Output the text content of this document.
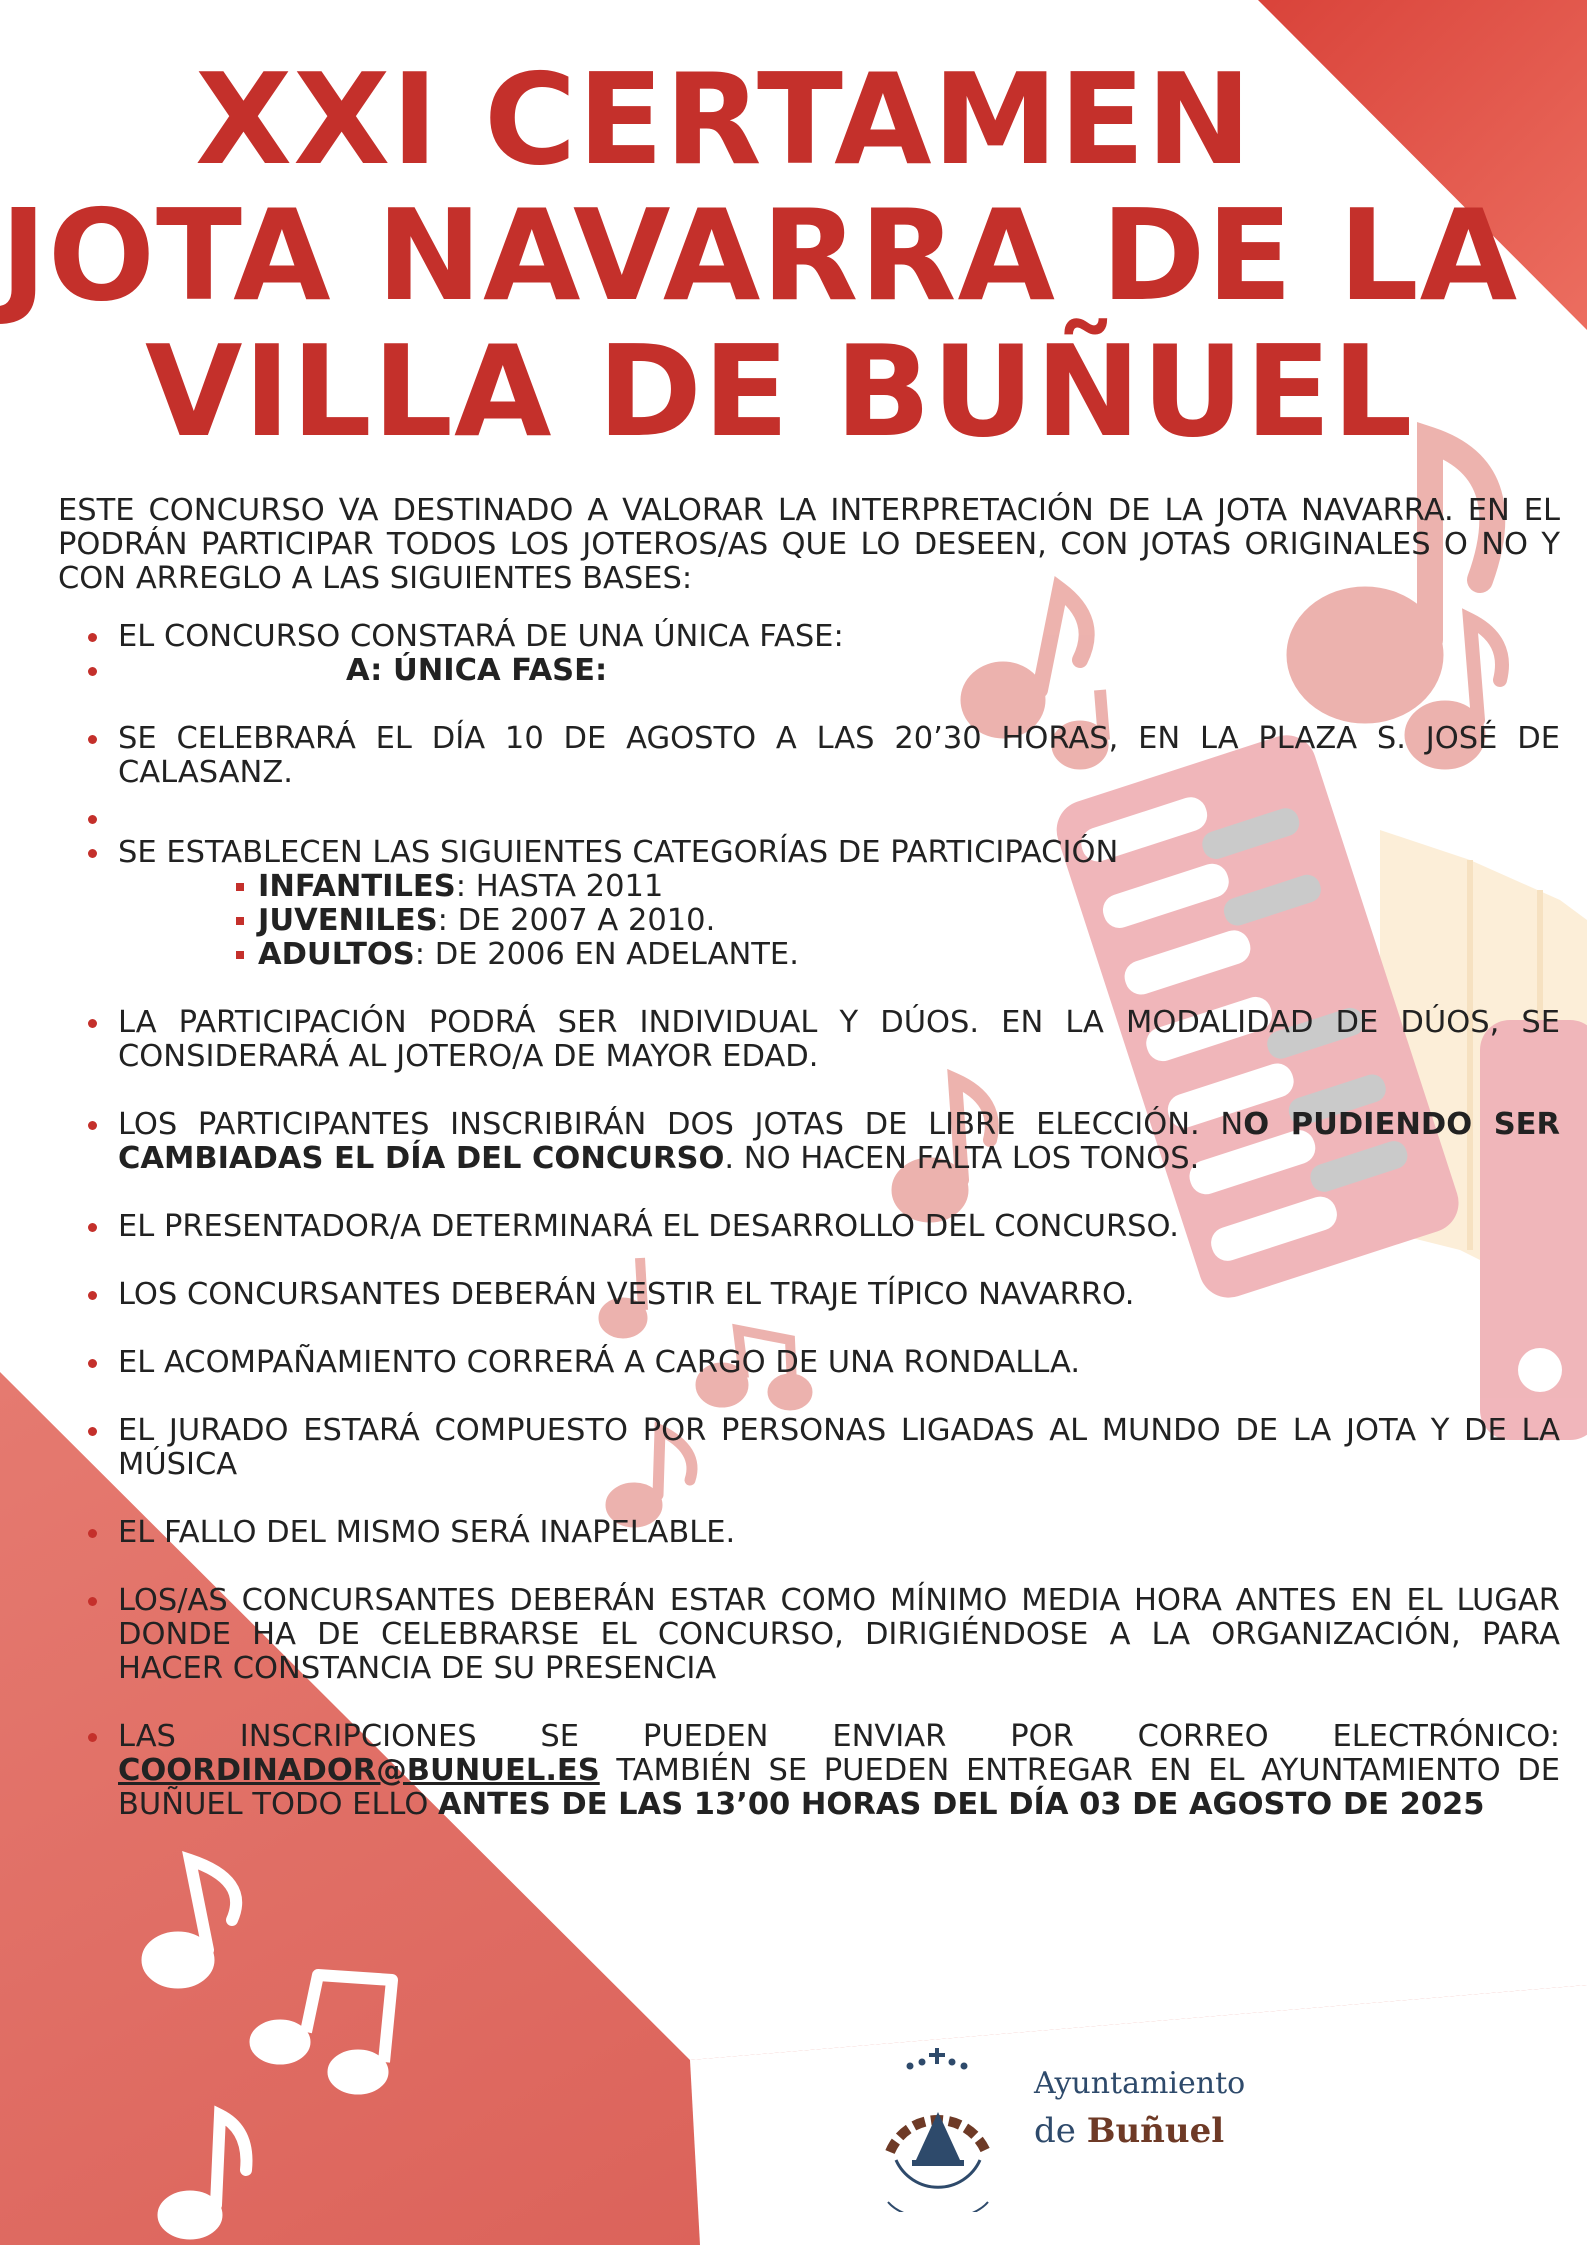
XXI CERTAMEN
JOTA NAVARRA DE LA
VILLA DE BUÑUEL

ESTE CONCURSO VA DESTINADO A VALORAR LA INTERPRETACIÓN DE LA JOTA NAVARRA. EN EL PODRÁN PARTICIPAR TODOS LOS JOTEROS/AS QUE LO DESEEN, CON JOTAS ORIGINALES O NO Y CON ARREGLO A LAS SIGUIENTES BASES:

EL CONCURSO CONSTARÁ DE UNA ÚNICA FASE:
A: ÚNICA FASE:
SE CELEBRARÁ EL DÍA 10 DE AGOSTO A LAS 20’30 HORAS, EN LA PLAZA S. JOSÉ DE CALASANZ.

SE ESTABLECEN LAS SIGUIENTES CATEGORÍAS DE PARTICIPACIÓN
INFANTILES: HASTA 2011
JUVENILES: DE 2007 A 2010.
ADULTOS: DE 2006 EN ADELANTE.
LA PARTICIPACIÓN PODRÁ SER INDIVIDUAL Y DÚOS. EN LA MODALIDAD DE DÚOS, SE CONSIDERARÁ AL JOTERO/A DE MAYOR EDAD.
LOS PARTICIPANTES INSCRIBIRÁN DOS JOTAS DE LIBRE ELECCIÓN. NO PUDIENDO SER CAMBIADAS EL DÍA DEL CONCURSO. NO HACEN FALTA LOS TONOS.
EL PRESENTADOR/A DETERMINARÁ EL DESARROLLO DEL CONCURSO.
LOS CONCURSANTES DEBERÁN VESTIR EL TRAJE TÍPICO NAVARRO.
EL ACOMPAÑAMIENTO CORRERÁ A CARGO DE UNA RONDALLA.
EL JURADO ESTARÁ COMPUESTO POR PERSONAS LIGADAS AL MUNDO DE LA JOTA Y DE LA MÚSICA
EL FALLO DEL MISMO SERÁ INAPELABLE.
LOS/AS CONCURSANTES DEBERÁN ESTAR COMO MÍNIMO MEDIA HORA ANTES EN EL LUGAR DONDE HA DE CELEBRARSE EL CONCURSO, DIRIGIÉNDOSE A LA ORGANIZACIÓN, PARA HACER CONSTANCIA DE SU PRESENCIA
LAS INSCRIPCIONES SE PUEDEN ENVIAR POR CORREO ELECTRÓNICO: COORDINADOR@BUNUEL.ES TAMBIÉN SE PUEDEN ENTREGAR EN EL AYUNTAMIENTO DE BUÑUEL TODO ELLO ANTES DE LAS 13’00 HORAS DEL DÍA 03 DE AGOSTO DE 2025
Ayuntamiento
de Buñuel
